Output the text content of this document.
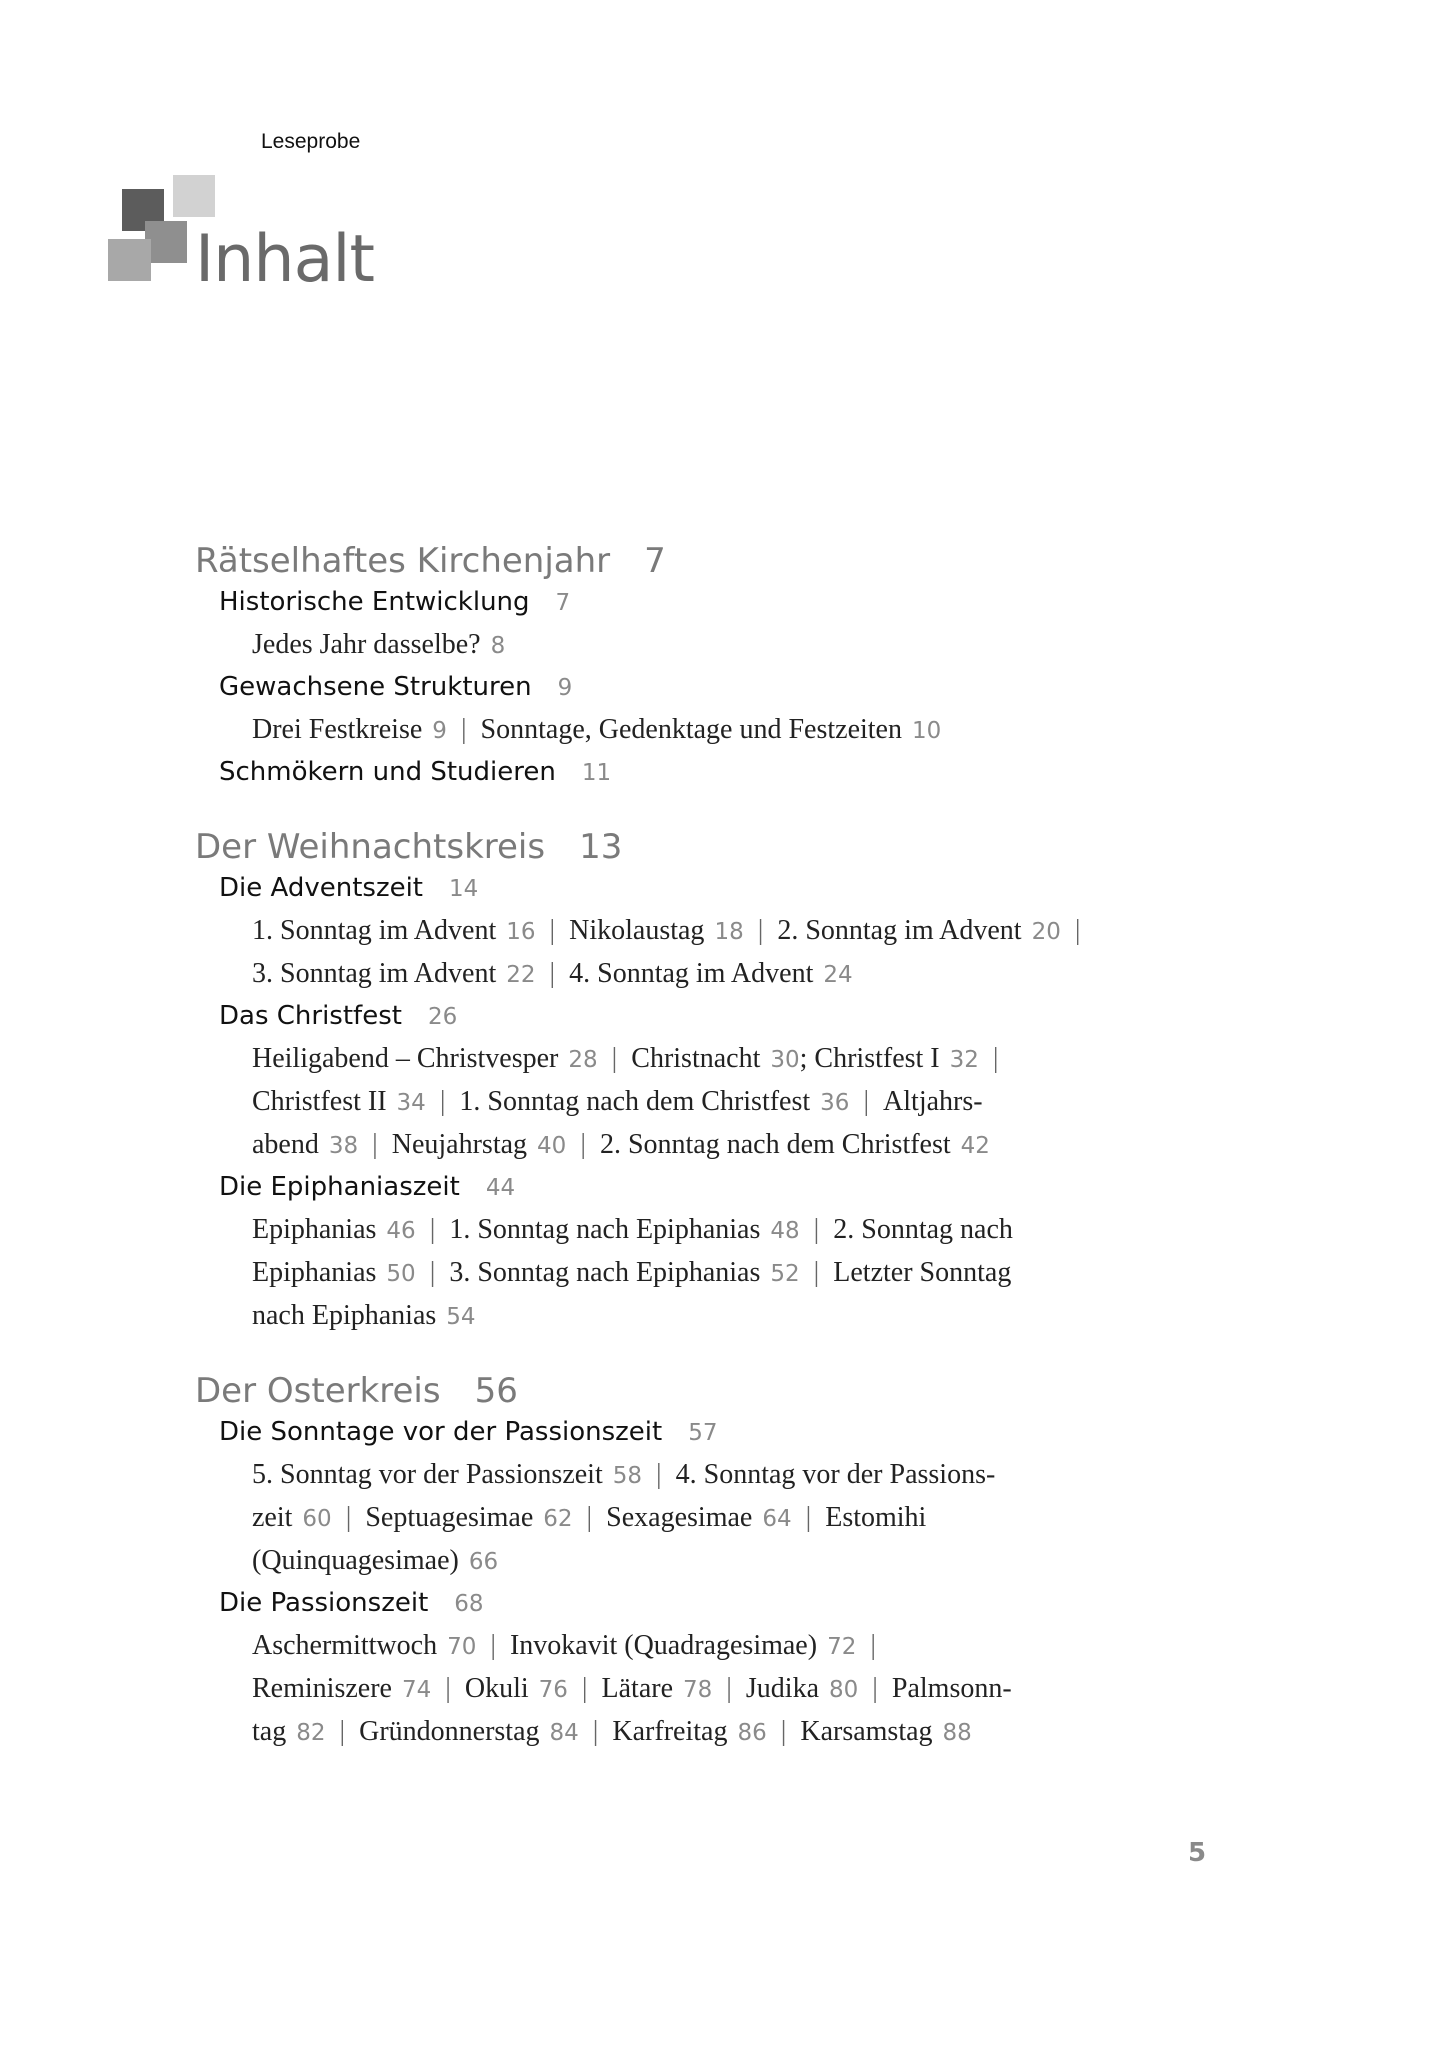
Leseprobe
Inhalt
Rätselhaftes Kirchenjahr 7
Historische Entwicklung 7
Jedes Jahr dasselbe? 8
Gewachsene Strukturen 9
Drei Festkreise 9 | Sonntage, Gedenktage und Festzeiten 10
Schmökern und Studieren 11
Der Weihnachtskreis 13
Die Adventszeit 14
1. Sonntag im Advent 16 | Nikolaustag 18 | 2. Sonntag im Advent 20 |
3. Sonntag im Advent 22 | 4. Sonntag im Advent 24
Das Christfest 26
Heiligabend – Christvesper 28 | Christnacht 30; Christfest I 32 |
Christfest II 34 | 1. Sonntag nach dem Christfest 36 | Altjahrs-
abend 38 | Neujahrstag 40 | 2. Sonntag nach dem Christfest 42
Die Epiphaniaszeit 44
Epiphanias 46 | 1. Sonntag nach Epiphanias 48 | 2. Sonntag nach
Epiphanias 50 | 3. Sonntag nach Epiphanias 52 | Letzter Sonntag
nach Epiphanias 54
Der Osterkreis 56
Die Sonntage vor der Passionszeit 57
5. Sonntag vor der Passionszeit 58 | 4. Sonntag vor der Passions-
zeit 60 | Septuagesimae 62 | Sexagesimae 64 | Estomihi
(Quinquagesimae) 66
Die Passionszeit 68
Aschermittwoch 70 | Invokavit (Quadragesimae) 72 |
Reminiszere 74 | Okuli 76 | Lätare 78 | Judika 80 | Palmsonn-
tag 82 | Gründonnerstag 84 | Karfreitag 86 | Karsamstag 88
5
